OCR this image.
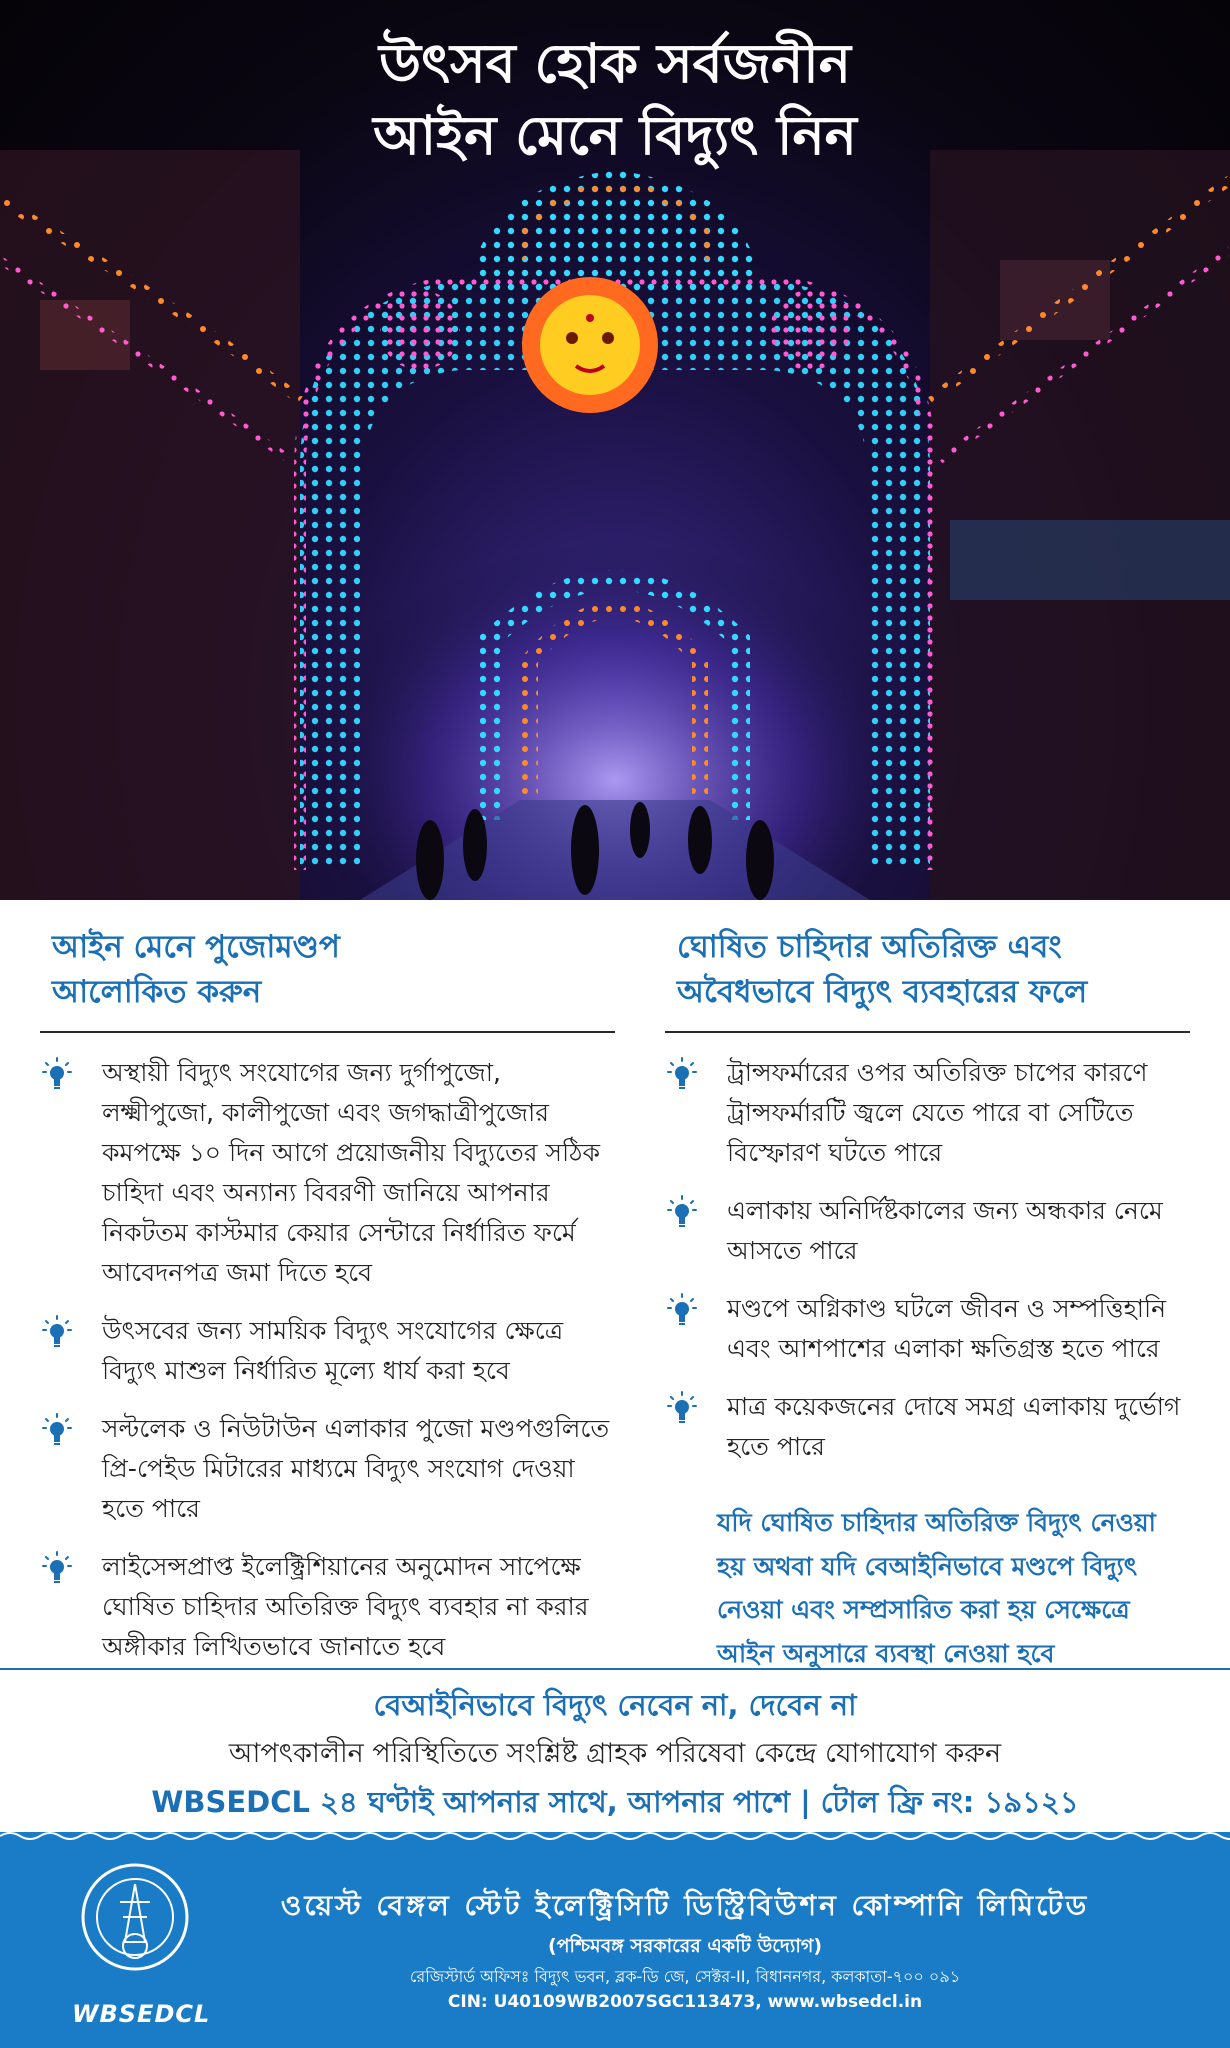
উৎসব হোক সর্বজনীন
আইন মেনে বিদ্যুৎ নিন
আইন মেনে পুজোমণ্ডপ
আলোকিত করুন
অস্থায়ী বিদ্যুৎ সংযোগের জন্য দুর্গাপুজো, লক্ষ্মীপুজো, কালীপুজো এবং জগদ্ধাত্রীপুজোর কমপক্ষে ১০ দিন আগে প্রয়োজনীয় বিদ্যুতের সঠিক চাহিদা এবং অন্যান্য বিবরণী জানিয়ে আপনার নিকটতম কাস্টমার কেয়ার সেন্টারে নির্ধারিত ফর্মে আবেদনপত্র জমা দিতে হবে
উৎসবের জন্য সাময়িক বিদ্যুৎ সংযোগের ক্ষেত্রে বিদ্যুৎ মাশুল নির্ধারিত মূল্যে ধার্য করা হবে
সল্টলেক ও নিউটাউন এলাকার পুজো মণ্ডপগুলিতে প্রি-পেইড মিটারের মাধ্যমে বিদ্যুৎ সংযোগ দেওয়া হতে পারে
লাইসেন্সপ্রাপ্ত ইলেক্ট্রিশিয়ানের অনুমোদন সাপেক্ষে ঘোষিত চাহিদার অতিরিক্ত বিদ্যুৎ ব্যবহার না করার অঙ্গীকার লিখিতভাবে জানাতে হবে
ঘোষিত চাহিদার অতিরিক্ত এবং
অবৈধভাবে বিদ্যুৎ ব্যবহারের ফলে
ট্রান্সফর্মারের ওপর অতিরিক্ত চাপের কারণে ট্রান্সফর্মারটি জ্বলে যেতে পারে বা সেটিতে বিস্ফোরণ ঘটতে পারে
এলাকায় অনির্দিষ্টকালের জন্য অন্ধকার নেমে আসতে পারে
মণ্ডপে অগ্নিকাণ্ড ঘটলে জীবন ও সম্পত্তিহানি এবং আশপাশের এলাকা ক্ষতিগ্রস্ত হতে পারে
মাত্র কয়েকজনের দোষে সমগ্র এলাকায় দুর্ভোগ হতে পারে
যদি ঘোষিত চাহিদার অতিরিক্ত বিদ্যুৎ নেওয়া হয় অথবা যদি বেআইনিভাবে মণ্ডপে বিদ্যুৎ নেওয়া এবং সম্প্রসারিত করা হয় সেক্ষেত্রে আইন অনুসারে ব্যবস্থা নেওয়া হবে
বেআইনিভাবে বিদ্যুৎ নেবেন না, দেবেন না
আপৎকালীন পরিস্থিতিতে সংশ্লিষ্ট গ্রাহক পরিষেবা কেন্দ্রে যোগাযোগ করুন
WBSEDCL ২৪ ঘণ্টাই আপনার সাথে, আপনার পাশে | টোল ফ্রি নং: ১৯১২১
WBSEDCL
ওয়েস্ট বেঙ্গল স্টেট ইলেক্ট্রিসিটি ডিস্ট্রিবিউশন কোম্পানি লিমিটেড
(পশ্চিমবঙ্গ সরকারের একটি উদ্যোগ)
রেজিস্টার্ড অফিসঃ বিদ্যুৎ ভবন, ব্লক-ডি জে, সেক্টর-II, বিধাননগর, কলকাতা-৭০০ ০৯১
CIN: U40109WB2007SGC113473, www.wbsedcl.in
